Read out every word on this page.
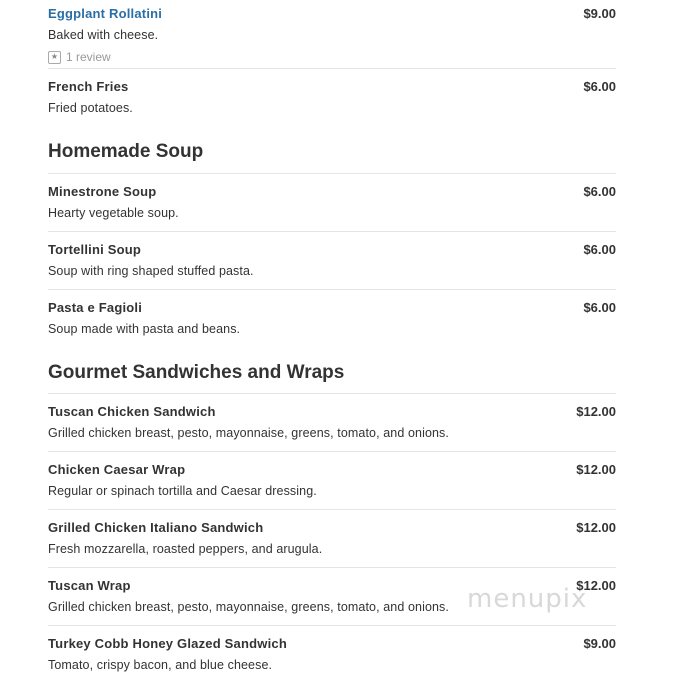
Eggplant Rollatini	$9.00
Baked with cheese.
★ 1 review
French Fries	$6.00
Fried potatoes.
Homemade Soup
Minestrone Soup	$6.00
Hearty vegetable soup.
Tortellini Soup	$6.00
Soup with ring shaped stuffed pasta.
Pasta e Fagioli	$6.00
Soup made with pasta and beans.
Gourmet Sandwiches and Wraps
Tuscan Chicken Sandwich	$12.00
Grilled chicken breast, pesto, mayonnaise, greens, tomato, and onions.
Chicken Caesar Wrap	$12.00
Regular or spinach tortilla and Caesar dressing.
Grilled Chicken Italiano Sandwich	$12.00
Fresh mozzarella, roasted peppers, and arugula.
Tuscan Wrap	$12.00
Grilled chicken breast, pesto, mayonnaise, greens, tomato, and onions.
Turkey Cobb Honey Glazed Sandwich	$9.00
Tomato, crispy bacon, and blue cheese.
menupix
